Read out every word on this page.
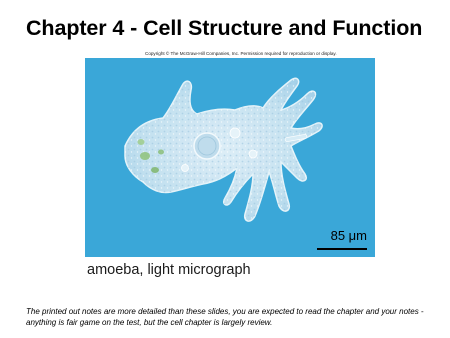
Chapter 4 - Cell Structure and Function
Copyright © The McGraw-Hill Companies, Inc. Permission required for reproduction or display.
85 μm
amoeba, light micrograph
The printed out notes are more detailed than these slides, you are expected to read the chapter and your notes - anything is fair game on the test, but the cell chapter is largely review.
